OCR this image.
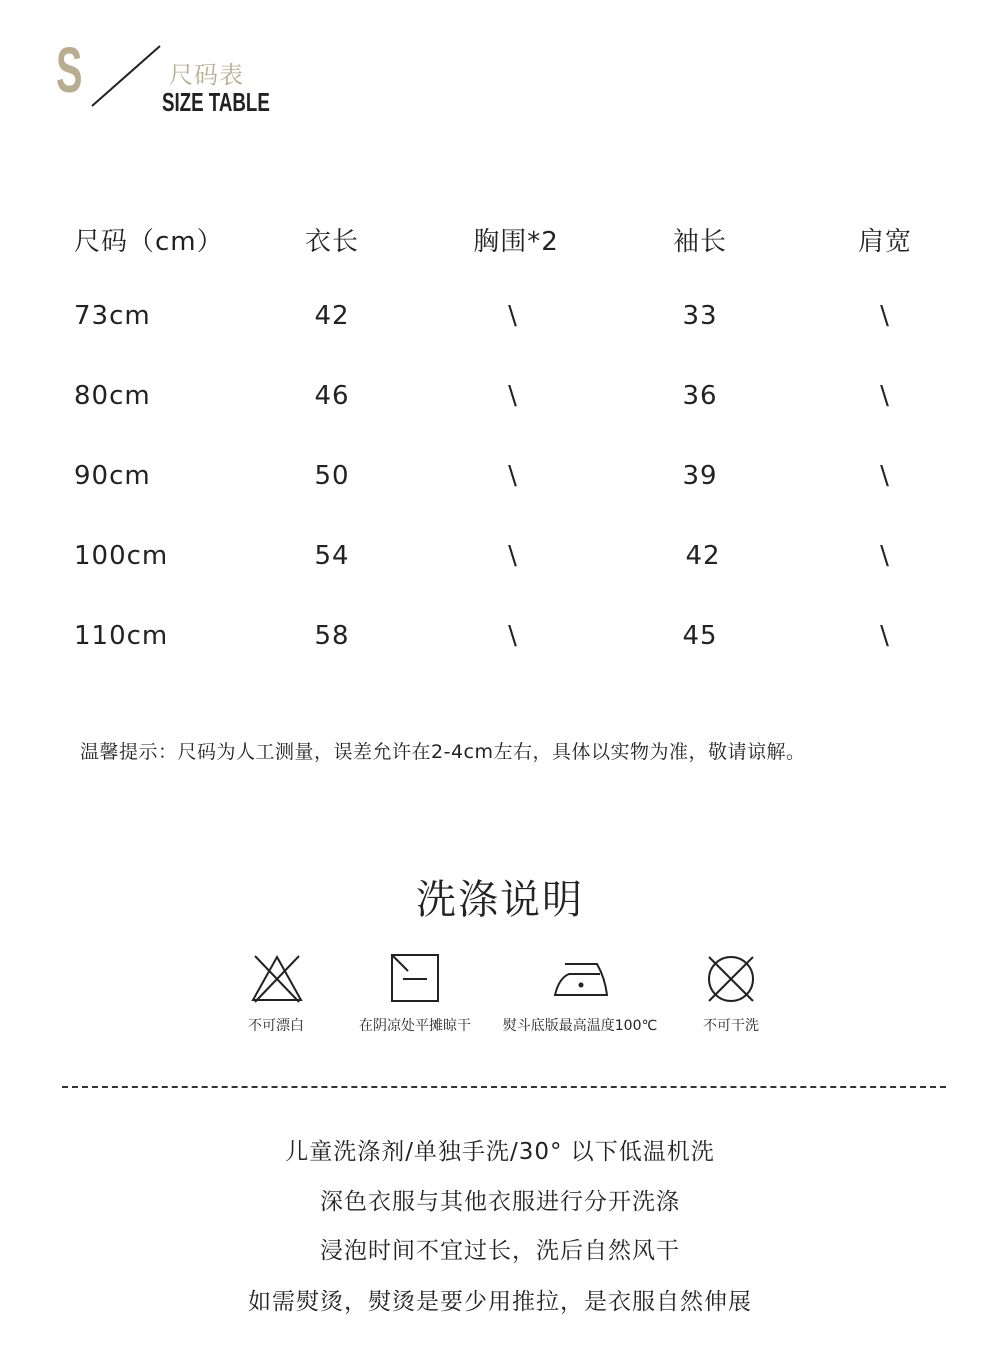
S	尺码表
SIZE TABLE
尺码（cm）	衣长	胸围*2	袖长	肩宽
73cm	42	\	33	\
80cm	46	\	36	\
90cm	50	\	39	\
100cm	54	\	42	\
110cm	58	\	45	\
温馨提示：尺码为人工测量，误差允许在2-4cm左右，具体以实物为准，敬请谅解。
洗涤说明
不可漂白	在阴凉处平摊晾干 熨斗底版最高温度100℃	不可干洗
儿童洗涤剂/单独手洗/30° 以下低温机洗
深色衣服与其他衣服进行分开洗涤
浸泡时间不宜过长，洗后自然风干
如需熨烫，熨烫是要少用推拉，是衣服自然伸展
